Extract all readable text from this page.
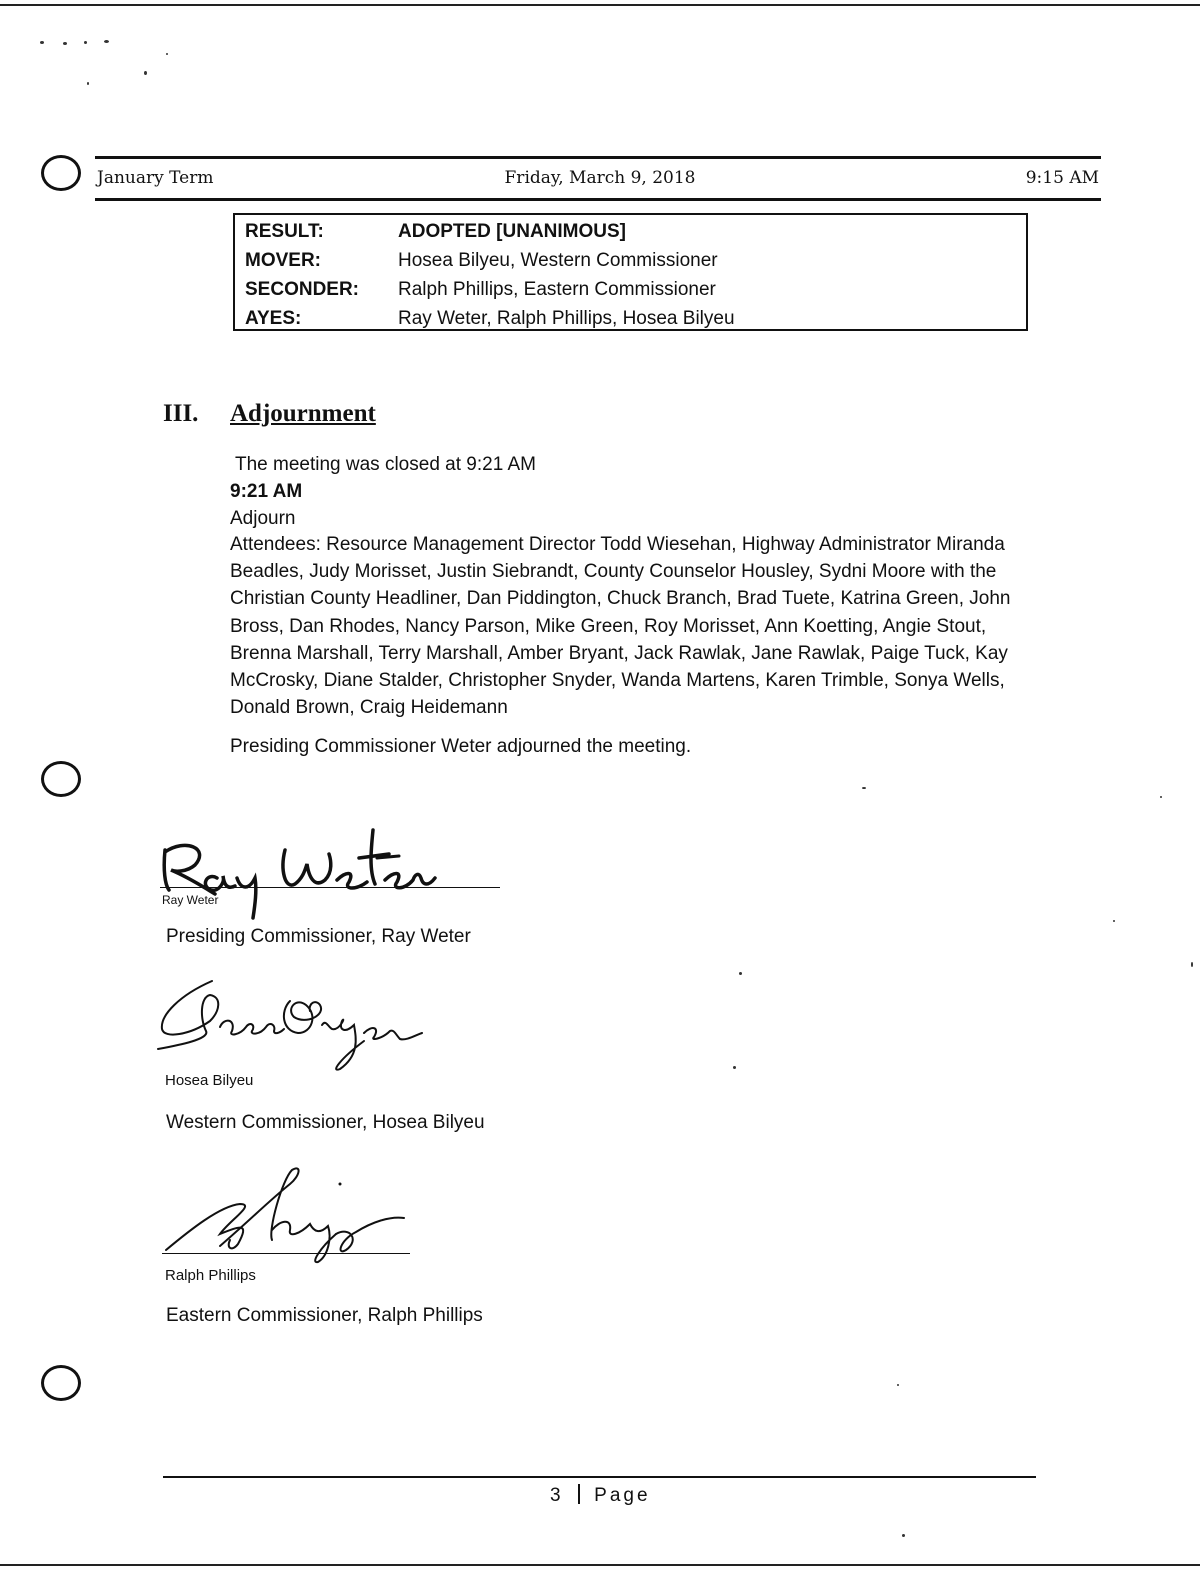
January Term	Friday, March 9, 2018	9:15 AM
RESULT:	ADOPTED [UNANIMOUS]
MOVER:	Hosea Bilyeu, Western Commissioner
SECONDER: Ralph Phillips, Eastern Commissioner
AYES:	Ray Weter, Ralph Phillips, Hosea Bilyeu
III. Adjournment
The meeting was closed at 9:21 AM
9:21 AM
Adjourn
Attendees: Resource Management Director Todd Wiesehan, Highway Administrator Miranda Beadles, Judy Morisset, Justin Siebrandt, County Counselor Housley, Sydni Moore with the Christian County Headliner, Dan Piddington, Chuck Branch, Brad Tuete, Katrina Green, John Bross, Dan Rhodes, Nancy Parson, Mike Green, Roy Morisset, Ann Koetting, Angie Stout, Brenna Marshall, Terry Marshall, Amber Bryant, Jack Rawlak, Jane Rawlak, Paige Tuck, Kay McCrosky, Diane Stalder, Christopher Snyder, Wanda Martens, Karen Trimble, Sonya Wells, Donald Brown, Craig Heidemann
Presiding Commissioner Weter adjourned the meeting.
Ray Weter
Presiding Commissioner, Ray Weter
Hosea Bilyeu
Western Commissioner, Hosea Bilyeu
Ralph Phillips
Eastern Commissioner, Ralph Phillips
3 Page
